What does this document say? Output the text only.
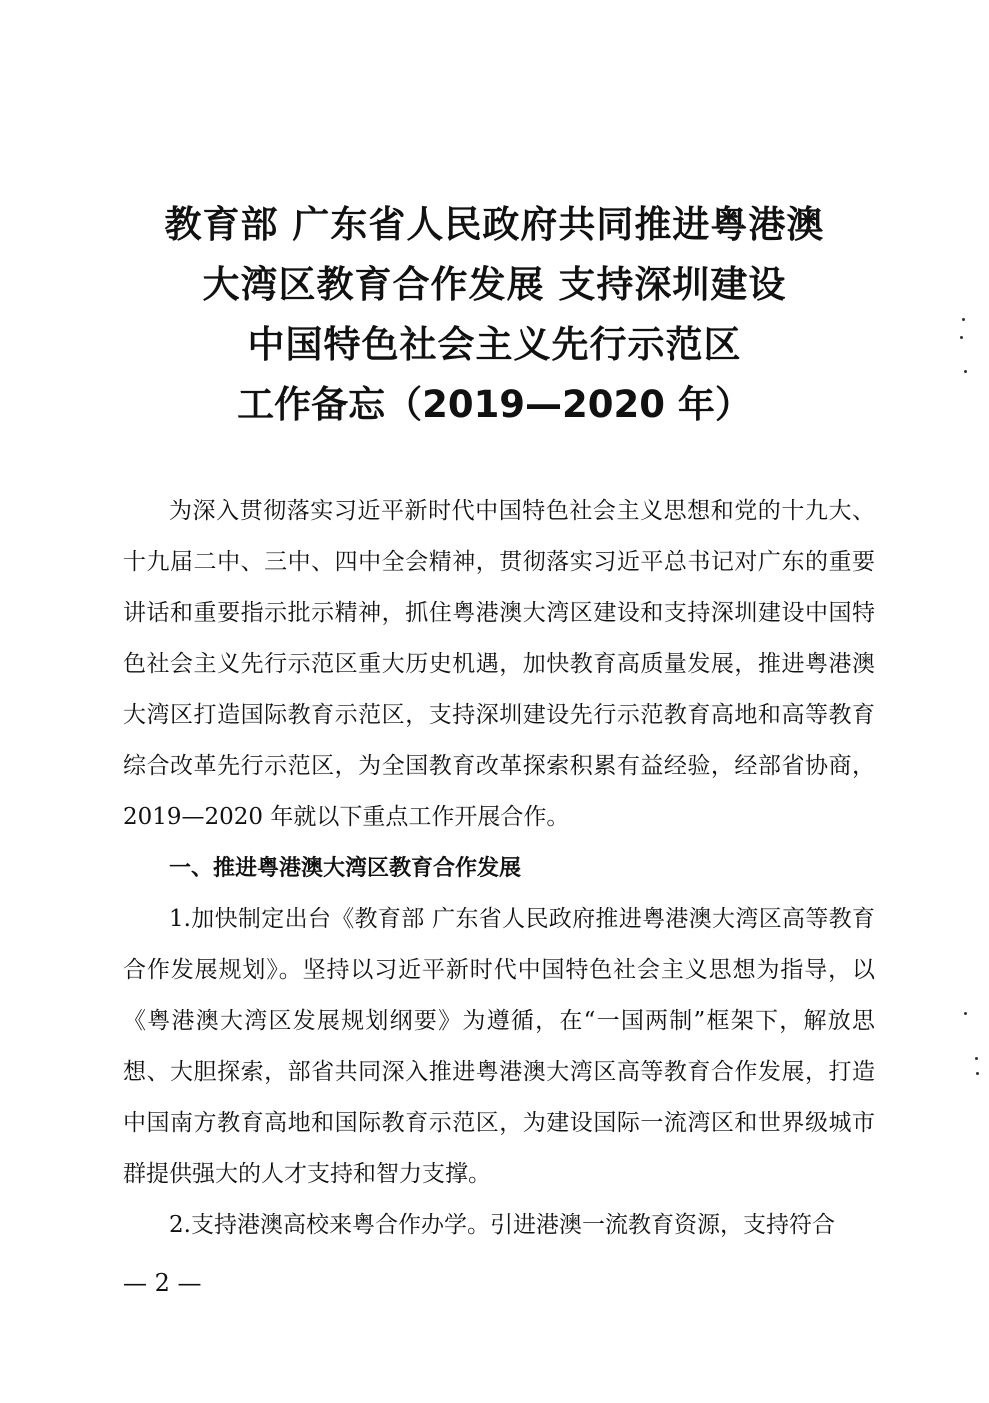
教育部 广东省人民政府共同推进粤港澳
大湾区教育合作发展 支持深圳建设
中国特色社会主义先行示范区
工作备忘（2019—2020 年）

为深入贯彻落实习近平新时代中国特色社会主义思想和党的十九大、十九届二中、三中、四中全会精神，贯彻落实习近平总书记对广东的重要讲话和重要指示批示精神，抓住粤港澳大湾区建设和支持深圳建设中国特色社会主义先行示范区重大历史机遇，加快教育高质量发展，推进粤港澳大湾区打造国际教育示范区，支持深圳建设先行示范教育高地和高等教育综合改革先行示范区，为全国教育改革探索积累有益经验，经部省协商，2019—2020 年就以下重点工作开展合作。

一、推进粤港澳大湾区教育合作发展

1.加快制定出台《教育部 广东省人民政府推进粤港澳大湾区高等教育合作发展规划》。坚持以习近平新时代中国特色社会主义思想为指导，以《粤港澳大湾区发展规划纲要》为遵循，在“一国两制”框架下，解放思想、大胆探索，部省共同深入推进粤港澳大湾区高等教育合作发展，打造中国南方教育高地和国际教育示范区，为建设国际一流湾区和世界级城市群提供强大的人才支持和智力支撑。

2.支持港澳高校来粤合作办学。引进港澳一流教育资源，支持符合

— 2 —
